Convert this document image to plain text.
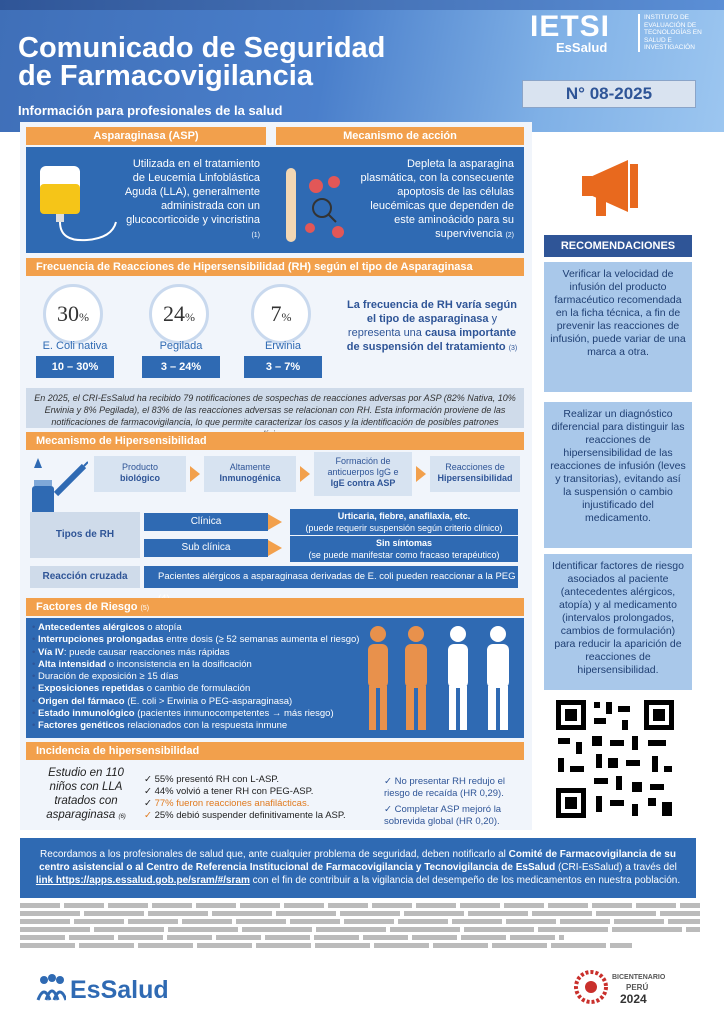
Comunicado de Seguridad
de Farmacovigilancia
Información para profesionales de la salud
IETSI
EsSalud
INSTITUTO DE EVALUACIÓN DE TECNOLOGÍAS EN SALUD E INVESTIGACIÓN
N° 08-2025
Asparaginasa (ASP)	Mecanismo de acción
Utilizada en el tratamiento de Leucemia Linfoblástica Aguda (LLA), generalmente administrada con un glucocorticoide y vincristina (1)
Depleta la asparagina plasmática, con la consecuente apoptosis de las células leucémicas que dependen de este aminoácido para su supervivencia (2)
Frecuencia de Reacciones de Hipersensibilidad (RH) según el tipo de Asparaginasa
30%
E. Coli nativa
10 – 30%
24%
Pegilada
3 – 24%
7%
Erwinia
3 – 7%
La frecuencia de RH varía según el tipo de asparaginasa y representa una causa importante de suspensión del tratamiento (3)
En 2025, el CRI-EsSalud ha recibido 79 notificaciones de sospechas de reacciones adversas por ASP (82% Nativa, 10% Erwinia y 8% Pegilada), el 83% de las reacciones adversas se relacionan con RH. Esta información proviene de las notificaciones de farmacovigilancia, lo que permite caracterizar los casos y la identificación de posibles patrones
Mecanismo de Hipersensibilidad
Producto
biológico
Altamente
Inmunogénica
Formación de anticuerpos IgG e
IgE contra ASP
Reacciones de
Hipersensibilidad
Tipos de RH
Clínica	Urticaria, fiebre, anafilaxia, etc.
(puede requerir suspensión según criterio clínico)
Sub clínica	Sin síntomas
(se puede manifestar como fracaso terapéutico)
Reacción cruzada	Pacientes alérgicos a asparaginasa derivadas de E. coli pueden reaccionar a la PEG
Factores de Riesgo (5)
• Antecedentes alérgicos o atopía
• Interrupciones prolongadas entre dosis (≥ 52 semanas aumenta el riesgo)
• Vía IV: puede causar reacciones más rápidas
• Alta intensidad o inconsistencia en la dosificación
• Duración de exposición ≥ 15 días
• Exposiciones repetidas o cambio de formulación
• Origen del fármaco (E. coli > Erwinia o PEG-asparaginasa)
• Estado inmunológico (pacientes inmunocompetentes → más riesgo)
• Factores genéticos relacionados con la respuesta inmune
Incidencia de hipersensibilidad
Estudio en 110 niños con LLA tratados con asparaginasa (6)
✓ 55% presentó RH con L-ASP.
✓ 44% volvió a tener RH con PEG-ASP.
✓ 77% fueron reacciones anafilácticas.
✓ 25% debió suspender definitivamente la ASP.
✓ No presentar RH redujo el riesgo de recaída (HR 0,29).
✓ Completar ASP mejoró la sobrevida global (HR 0,20).
RECOMENDACIONES
Verificar la velocidad de infusión del producto farmacéutico recomendada en la ficha técnica, a fin de prevenir las reacciones de infusión, puede variar de una marca a otra.
Realizar un diagnóstico diferencial para distinguir las reacciones de hipersensibilidad de las reacciones de infusión (leves y transitorias), evitando así la suspensión o cambio injustificado del medicamento.
Identificar factores de riesgo asociados al paciente (antecedentes alérgicos, atopía) y al medicamento (intervalos prolongados, cambios de formulación) para reducir la aparición de reacciones de hipersensibilidad.
Recordamos a los profesionales de salud que, ante cualquier problema de seguridad, deben notificarlo al Comité de Farmacovigilancia de su centro asistencial o al Centro de Referencia Institucional de Farmacovigilancia y Tecnovigilancia de EsSalud (CRI-EsSalud) a través del link https://apps.essalud.gob.pe/sram/#/sram con el fin de contribuir a la vigilancia del desempeño de los medicamentos en nuestra población.
EsSalud	BICENTENARIO
PERÚ
2024
